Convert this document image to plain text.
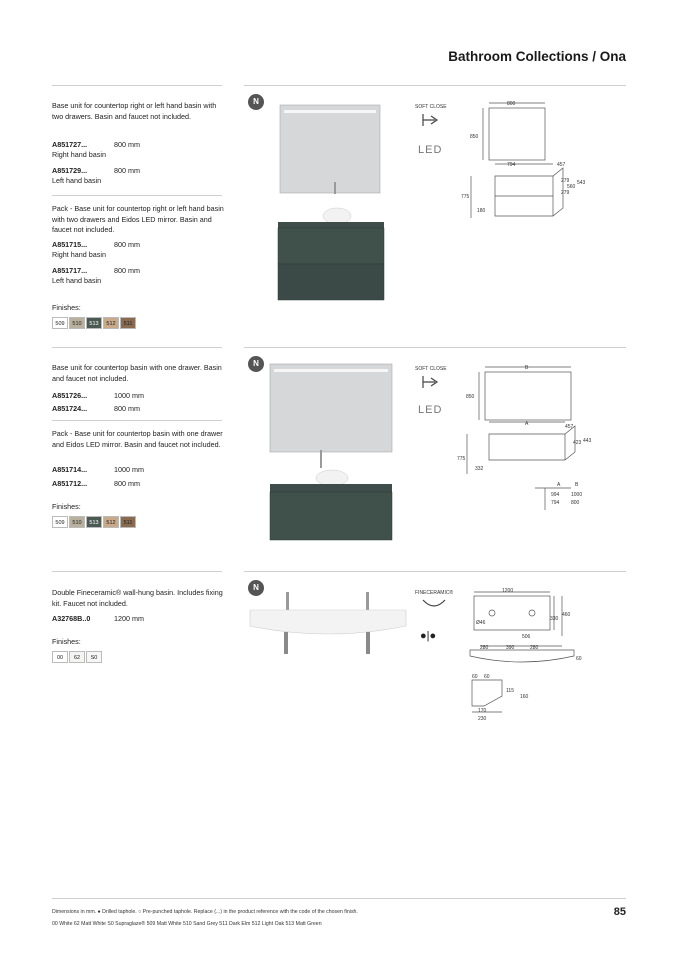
Bathroom Collections / Ona
Base unit for countertop right or left hand basin with two drawers. Basin and faucet not included.
A851727...	800 mm
Right hand basin
A851729...	800 mm
Left hand basin
Pack - Base unit for countertop right or left hand basin with two drawers and Eidos LED mirror. Basin and faucet not included.
A851715...	800 mm
Right hand basin
A851717...	800 mm
Left hand basin
Finishes:
509	510	513	512	511
N
SOFT CLOSE
LED
800
850
794	457
279
560
543
279
775
180
Base unit for countertop basin with one drawer. Basin and faucet not included.
A851726...	1000 mm
A851724...	800 mm
Pack - Base unit for countertop basin with one drawer and Eidos LED mirror. Basin and faucet not included.
A851714...	1000 mm
A851712...	800 mm
Finishes:
509	510	513	512	511
N
SOFT CLOSE
LED
B
850
A	457
423 443
775
332
A	B
994 1000
794 800
Double Fineceramic® wall-hung basin. Includes fixing kit. Faucet not included.
A32768B..0	1200 mm
Finishes:
00	62	S0
N
FINECERAMIC®
●|●
1200
460
330
506
Ø46
280	390	280
60
60 60
115
160
170
230
Dimensions in mm. ● Drilled taphole. ○ Pre-punched taphole. Replace (...) in the product reference with the code of the chosen finish.
00 White 62 Matt White S0 Supraglaze® 509 Matt White 510 Sand Grey 511 Dark Elm 512 Light Oak 513 Matt Green
85
